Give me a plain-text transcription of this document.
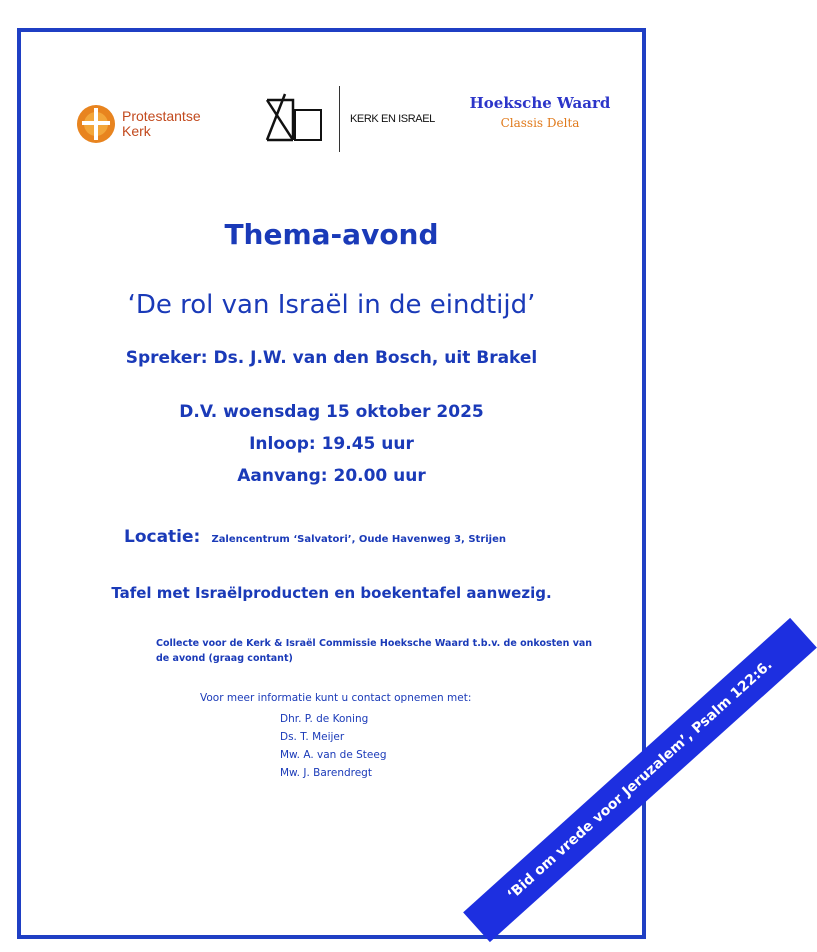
Protestantse
Kerk
KERK EN ISRAEL
Hoeksche Waard
Classis Delta
Thema-avond
‘De rol van Israël in de eindtijd’
Spreker: Ds. J.W. van den Bosch, uit Brakel
D.V. woensdag 15 oktober 2025
Inloop: 19.45 uur
Aanvang: 20.00 uur
Locatie: Zalencentrum ‘Salvatori’, Oude Havenweg 3, Strijen
Tafel met Israëlproducten en boekentafel aanwezig.
Collecte voor de Kerk & Israël Commissie Hoeksche Waard t.b.v. de onkosten van de avond (graag contant)
Voor meer informatie kunt u contact opnemen met:
Dhr. P. de Koning
Ds. T. Meijer
Mw. A. van de Steeg
Mw. J. Barendregt	‘Bid om vrede voor Jeruzalem’, Psalm 122:6.
